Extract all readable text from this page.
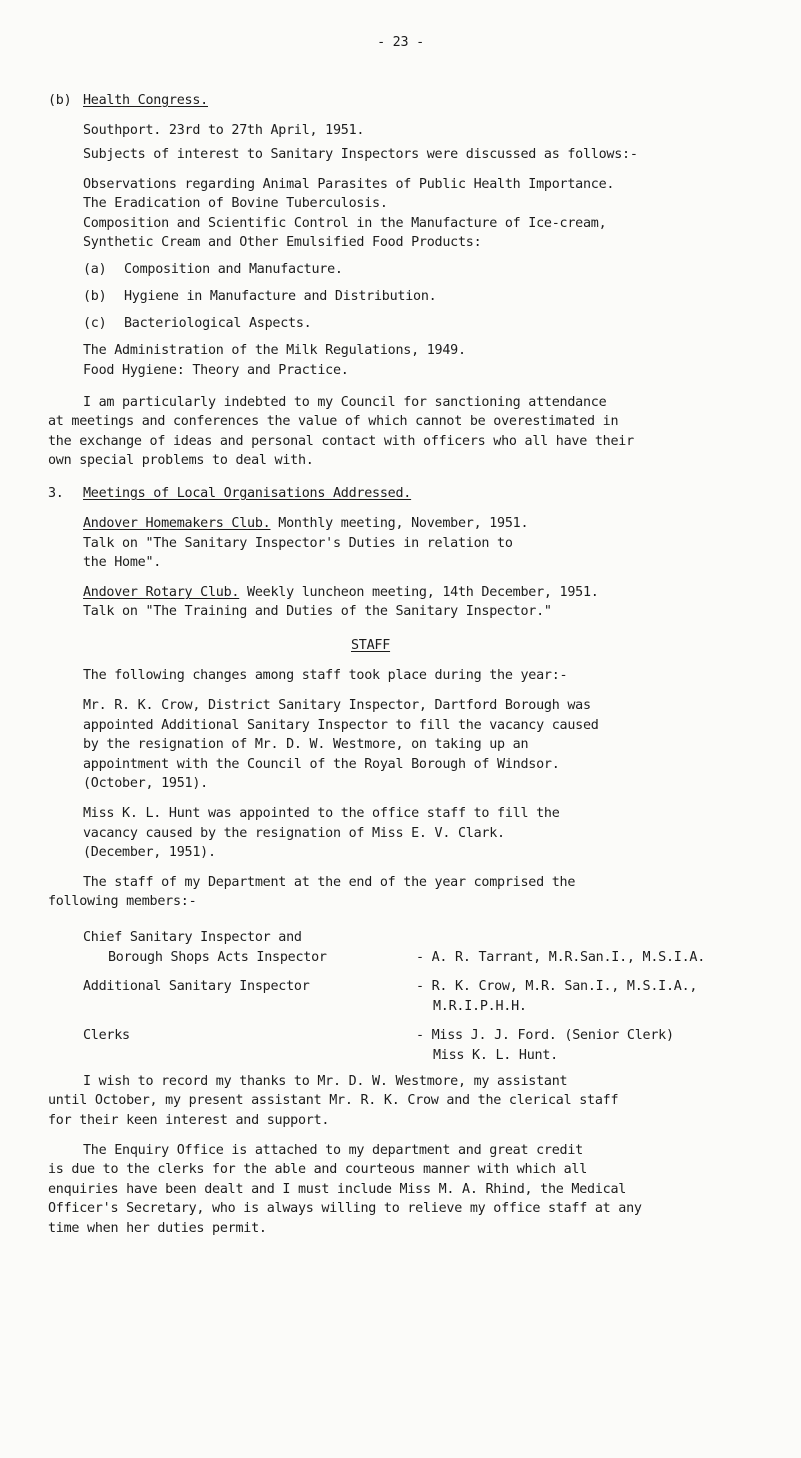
- 23 -
(b) Health Congress.
Southport. 23rd to 27th April, 1951.
Subjects of interest to Sanitary Inspectors were discussed as follows:-
Observations regarding Animal Parasites of Public Health Importance.
The Eradication of Bovine Tuberculosis.
Composition and Scientific Control in the Manufacture of Ice-cream,
Synthetic Cream and Other Emulsified Food Products:
(a) Composition and Manufacture.
(b) Hygiene in Manufacture and Distribution.
(c) Bacteriological Aspects.
The Administration of the Milk Regulations, 1949.
Food Hygiene: Theory and Practice.
I am particularly indebted to my Council for sanctioning attendance
at meetings and conferences the value of which cannot be overestimated in
the exchange of ideas and personal contact with officers who all have their
own special problems to deal with.
3. Meetings of Local Organisations Addressed.
Andover Homemakers Club. Monthly meeting, November, 1951.
Talk on "The Sanitary Inspector's Duties in relation to
the Home".
Andover Rotary Club. Weekly luncheon meeting, 14th December, 1951.
Talk on "The Training and Duties of the Sanitary Inspector."
STAFF
The following changes among staff took place during the year:-
Mr. R. K. Crow, District Sanitary Inspector, Dartford Borough was
appointed Additional Sanitary Inspector to fill the vacancy caused
by the resignation of Mr. D. W. Westmore, on taking up an
appointment with the Council of the Royal Borough of Windsor.
(October, 1951).
Miss K. L. Hunt was appointed to the office staff to fill the
vacancy caused by the resignation of Miss E. V. Clark.
(December, 1951).
The staff of my Department at the end of the year comprised the
following members:-
Chief Sanitary Inspector and
Borough Shops Acts Inspector	- A. R. Tarrant, M.R.San.I., M.S.I.A.
Additional Sanitary Inspector	- R. K. Crow, M.R. San.I., M.S.I.A.,
M.R.I.P.H.H.
Clerks	- Miss J. J. Ford. (Senior Clerk)
Miss K. L. Hunt.
I wish to record my thanks to Mr. D. W. Westmore, my assistant
until October, my present assistant Mr. R. K. Crow and the clerical staff
for their keen interest and support.
The Enquiry Office is attached to my department and great credit
is due to the clerks for the able and courteous manner with which all
enquiries have been dealt and I must include Miss M. A. Rhind, the Medical
Officer's Secretary, who is always willing to relieve my office staff at any
time when her duties permit.
